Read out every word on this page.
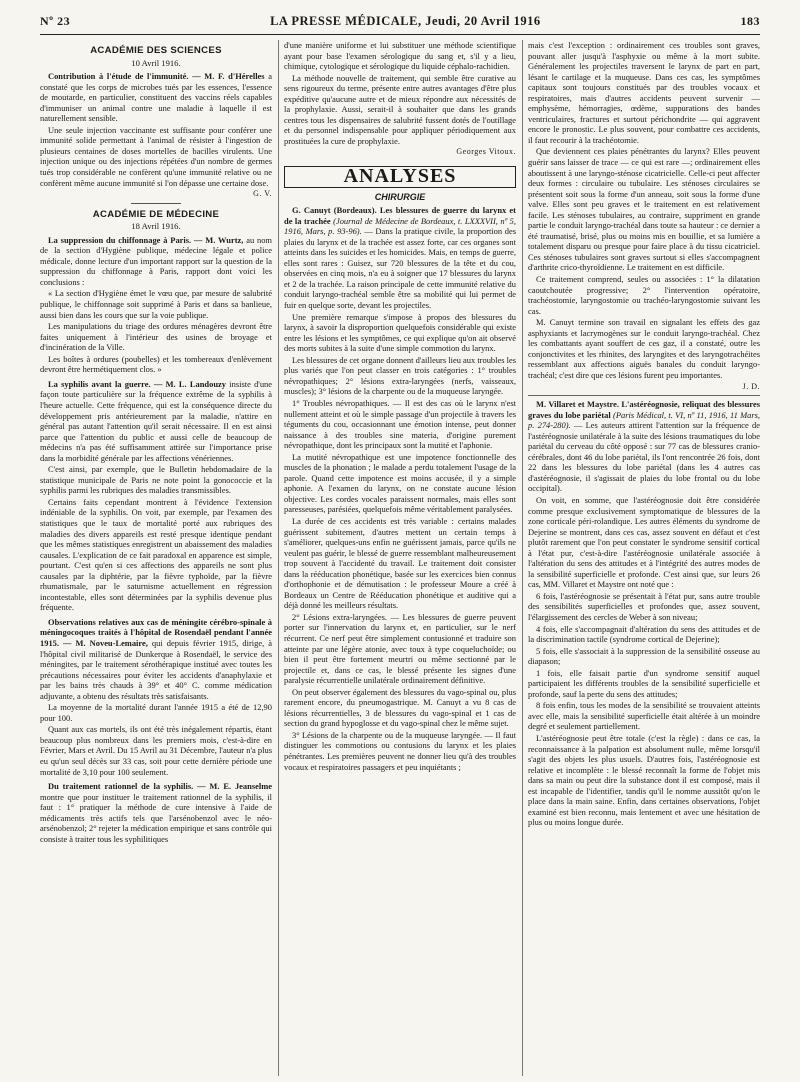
Nº 23	LA PRESSE MÉDICALE, Jeudi, 20 Avril 1916	183
ACADÉMIE DES SCIENCES
10 Avril 1916.

Contribution à l'étude de l'immunité. — M. F. d'Hérelles a constaté que les corps de microbes tués par les essences, l'essence de moutarde, en particulier, constituent des vaccins réels capables d'immuniser un animal contre une maladie à laquelle il est naturellement sensible.

Une seule injection vaccinante est suffisante pour conférer une immunité solide permettant à l'animal de résister à l'ingestion de plusieurs centaines de doses mortelles de bacilles virulents. Une injection unique ou des injections répétées d'un nombre de germes tués trop considérable ne confèrent qu'une immunité relative ou ne confèrent même aucune immunité si l'on dépasse une certaine dose.

G. V.
ACADÉMIE DE MÉDECINE
18 Avril 1916.

La suppression du chiffonnage à Paris. — M. Wurtz, au nom de la section d'Hygiène publique, médecine légale et police médicale, donne lecture d'un important rapport sur la question de la suppression du chiffonnage à Paris, rapport dont voici les conclusions :

« La section d'Hygiène émet le vœu que, par mesure de salubrité publique, le chiffonnage soit supprimé à Paris et dans sa banlieue, aussi bien dans les cours que sur la voie publique.

Les manipulations du triage des ordures ménagères devront être faites uniquement à l'intérieur des usines de broyage et d'incinération de la Ville.

Les boîtes à ordures (poubelles) et les tombereaux d'enlèvement devront être hermétiquement clos. »

La syphilis avant la guerre. — M. L. Landouzy insiste d'une façon toute particulière sur la fréquence extrême de la syphilis à l'heure actuelle. Cette fréquence, qui est la conséquence directe du développement pris antérieurement par la maladie, n'attire en général pas autant l'attention qu'il serait nécessaire. Il en est ainsi parce que l'attention du public et aussi celle de beaucoup de médecins n'a pas été suffisamment attirée sur l'importance prise dans la morbidité générale par les affections vénériennes.

C'est ainsi, par exemple, que le Bulletin hebdomadaire de la statistique municipale de Paris ne note point la gonococcie et la syphilis parmi les rubriques des maladies transmissibles.

Certains faits cependant montrent à l'évidence l'extension indéniable de la syphilis. On voit, par exemple, par l'examen des statistiques que le taux de mortalité porté aux rubriques des maladies des divers appareils est resté presque identique pendant que les mêmes statistiques enregistrent un abaissement des maladies causales. L'explication de ce fait paradoxal en apparence est simple, pourtant. C'est qu'en si ces affections des appareils ne sont plus causales par la diphtérie, par la fièvre typhoïde, par la fièvre rhumatismale, par le saturnisme actuellement en régression incontestable, elles sont déterminées par la syphilis devenue plus fréquente.

Observations relatives aux cas de méningite cérébro-spinale à méningocoques traités à l'hôpital de Rosendaël pendant l'année 1915. — M. Noveu-Lemaire, qui depuis février 1915, dirige, à l'hôpital civil militarisé de Dunkerque à Rosendaël, le service des méningites, par le traitement sérothérapique institué avec toutes les précautions nécessaires pour éviter les accidents d'anaphylaxie et par les bains très chauds à 39° et 40° C. comme médication adjuvante, a obtenu des résultats très satisfaisants.

La moyenne de la mortalité durant l'année 1915 a été de 12,90 pour 100.

Quant aux cas mortels, ils ont été très inégalement répartis, étant beaucoup plus nombreux dans les premiers mois, c'est-à-dire en Février, Mars et Avril. Du 15 Avril au 31 Décembre, l'auteur n'a plus eu qu'un seul décès sur 33 cas, soit pour cette dernière période une mortalité de 3,10 pour 100 seulement.

Du traitement rationnel de la syphilis. — M. E. Jeanselme montre que pour instituer le traitement rationnel de la syphilis, il faut : 1° pratiquer la méthode de cure intensive à l'aide de médicaments très actifs tels que l'arsénobenzol avec le néo-arsénobenzol; 2° rejeter la médication empirique et sans contrôle qui consiste à traiter tous les syphilitiques

d'une manière uniforme et lui substituer une méthode scientifique ayant pour base l'examen sérologique du sang et, s'il y a lieu, chimique, cytologique et sérologique du liquide céphalo-rachidien.

La méthode nouvelle de traitement, qui semble être curative au sens rigoureux du terme, présente entre autres avantages d'être plus expéditive qu'aucune autre et de mieux répondre aux nécessités de la prophylaxie. Aussi, serait-il à souhaiter que dans les grands centres tous les dispensaires de salubrité fussent dotés de l'outillage et du personnel indispensable pour appliquer périodiquement aux prostituées la cure de prophylaxie.

Georges Vitoux.
ANALYSES
CHIRURGIE

G. Canuyt (Bordeaux). Les blessures de guerre du larynx et de la trachée (Journal de Médecine de Bordeaux, t. LXXXVII, nº 5, 1916, Mars, p. 93-96). — Dans la pratique civile, la proportion des plaies du larynx et de la trachée est assez forte, car ces organes sont atteints dans les suicides et les homicides. Mais, en temps de guerre, elles sont rares : Guisez, sur 720 blessures de la tête et du cou, observées en cinq mois, n'a eu à soigner que 17 blessures du larynx et 2 de la trachée. La raison principale de cette immunité relative du conduit laryngo-trachéal semble être sa mobilité qui lui permet de fuir en quelque sorte, devant les projectiles.

Une première remarque s'impose à propos des blessures du larynx, à savoir la disproportion quelquefois considérable qui existe entre les lésions et les symptômes, ce qui explique qu'on ait observé des morts subites à la suite d'une simple commotion du larynx.

Les blessures de cet organe donnent d'ailleurs lieu aux troubles les plus variés que l'on peut classer en trois catégories : 1° troubles névropathiques; 2° lésions extra-laryngées (nerfs, vaisseaux, muscles); 3° lésions de la charpente ou de la muqueuse laryngée.

1° Troubles névropathiques. — Il est des cas où le larynx n'est nullement atteint et où le simple passage d'un projectile à travers les téguments du cou, occasionnant une émotion intense, peut donner naissance à des troubles sine materia, d'origine purement névropathique, dont les principaux sont la mutité et l'aphonie.

La mutité névropathique est une impotence fonctionnelle des muscles de la phonation ; le malade a perdu totalement l'usage de la parole. Quand cette impotence est moins accusée, il y a simple aphonie. A l'examen du larynx, on ne constate aucune lésion objective. Les cordes vocales paraissent normales, mais elles sont paresseuses, parésiées, quelquefois même véritablement paralysées.

La durée de ces accidents est très variable : certains malades guérissent subitement, d'autres mettent un certain temps à s'améliorer, quelques-uns enfin ne guérissent jamais, parce qu'ils ne veulent pas guérir, le blessé de guerre ressemblant malheureusement trop souvent à l'accidenté du travail. Le traitement doit consister dans la rééducation phonétique, basée sur les exercices bien connus d'orthophonie et de démutisation : le professeur Moure a créé à Bordeaux un Centre de Rééducation phonétique et auditive qui a déjà donné les meilleurs résultats.

2° Lésions extra-laryngées. — Les blessures de guerre peuvent porter sur l'innervation du larynx et, en particulier, sur le nerf récurrent. Ce nerf peut être simplement contusionné et traduire son atteinte par une légère atonie, avec toux à type coqueluchoïde; ou bien il peut être fortement meurtri ou même sectionné par le projectile et, dans ce cas, le blessé présente les signes d'une paralysie récurrentielle unilatérale ordinairement définitive.

On peut observer également des blessures du vago-spinal ou, plus rarement encore, du pneumogastrique. M. Canuyt a vu 8 cas de lésions récurrentielles, 3 de blessures du vago-spinal et 1 cas de section du grand hypoglosse et du vago-spinal chez le même sujet.

3° Lésions de la charpente ou de la muqueuse laryngée. — Il faut distinguer les commotions ou contusions du larynx et les plaies pénétrantes. Les premières peuvent ne donner lieu qu'à des troubles vocaux et respiratoires passagers et peu inquiétants ;

mais c'est l'exception : ordinairement ces troubles sont graves, pouvant aller jusqu'à l'asphyxie ou même à la mort subite. Généralement les projectiles traversent le larynx de part en part, lésant le cartilage et la muqueuse. Dans ces cas, les symptômes capitaux sont toujours constitués par des troubles vocaux et respiratoires, mais d'autres accidents peuvent survenir — emphysème, hémorragies, œdème, suppurations des bandes ventriculaires, fractures et surtout périchondrite — qui aggravent encore le pronostic. Le plus souvent, pour combattre ces accidents, il faut recourir à la trachéotomie.

Que deviennent ces plaies pénétrantes du larynx? Elles peuvent guérir sans laisser de trace — ce qui est rare —; ordinairement elles aboutissent à une laryngo-sténose cicatricielle. Celle-ci peut affecter deux formes : circulaire ou tubulaire. Les sténoses circulaires se présentent soit sous la forme d'un anneau, soit sous la forme d'une valve. Elles sont peu graves et le traitement en est relativement facile. Les sténoses tubulaires, au contraire, suppriment en grande partie le conduit laryngo-trachéal dans toute sa hauteur : ce dernier a été traumatisé, brisé, plus ou moins mis en bouillie, et sa lumière a totalement disparu ou presque pour faire place à du tissu cicatriciel. Ces sténoses tubulaires sont graves surtout si elles s'accompagnent d'arthrite crico-thyroïdienne. Le traitement en est difficile.

Ce traitement comprend, seules ou associées : 1° la dilatation caoutchoutée progressive; 2° l'intervention opératoire, trachéostomie, laryngostomie ou trachéo-laryngostomie suivant les cas.

M. Canuyt termine son travail en signalant les effets des gaz asphyxiants et lacrymogènes sur le conduit laryngo-trachéal. Chez les combattants ayant souffert de ces gaz, il a constaté, outre les conjonctivites et les rhinites, des laryngites et des laryngotrachéites ressemblant aux affections aiguës banales du conduit laryngo-trachéal; c'est dire que ces lésions furent peu importantes.

J. D.

M. Villaret et Maystre. L'astéréognosie, reliquat des blessures graves du lobe pariétal (Paris Médical, t. VI, nº 11, 1916, 11 Mars, p. 274-280). — Les auteurs attirent l'attention sur la fréquence de l'astéréognosie unilatérale à la suite des lésions traumatiques du lobe pariétal du cerveau du côté opposé : sur 77 cas de blessures cranio-cérébrales, dont 46 du lobe pariétal, ils l'ont rencontrée 26 fois, dont 22 dans les blessures du lobe pariétal (dans les 4 autres cas d'astéréognosie, il s'agissait de plaies du lobe frontal ou du lobe occipital).

On voit, en somme, que l'astéréognosie doit être considérée comme presque exclusivement symptomatique de blessures de la zone corticale péri-rolandique. Les autres éléments du syndrome de Dejerine se montrent, dans ces cas, assez souvent en défaut et c'est plutôt rarement que l'on peut constater le syndrome sensitif cortical à l'état pur, c'est-à-dire l'astéréognosie unilatérale associée à l'altération du sens des attitudes et à l'intégrité des autres modes de la sensibilité superficielle et profonde. C'est ainsi que, sur leurs 26 cas, MM. Villaret et Maystre ont noté que :

6 fois, l'astéréognosie se présentait à l'état pur, sans autre trouble des sensibilités superficielles et profondes que, assez souvent, l'élargissement des cercles de Weber à son niveau;

4 fois, elle s'accompagnait d'altération du sens des attitudes et de la discrimination tactile (syndrome cortical de Dejerine);

5 fois, elle s'associait à la suppression de la sensibilité osseuse au diapason;

1 fois, elle faisait partie d'un syndrome sensitif auquel participaient les différents troubles de la sensibilité superficielle et profonde, sauf la perte du sens des attitudes;

8 fois enfin, tous les modes de la sensibilité se trouvaient atteints avec elle, mais la sensibilité superficielle était altérée à un moindre degré et seulement partiellement.

L'astéréognosie peut être totale (c'est la règle) : dans ce cas, la reconnaissance à la palpation est absolument nulle, même lorsqu'il s'agit des objets les plus usuels. D'autres fois, l'astéréognosie est relative et incomplète : le blessé reconnaît la forme de l'objet mis dans sa main ou peut dire la substance dont il est composé, mais il est incapable de l'identifier, tandis qu'il le nomme aussitôt qu'on le place dans la main saine. Enfin, dans certaines observations, l'objet examiné est bien reconnu, mais lentement et avec une hésitation de plus ou moins longue durée.
